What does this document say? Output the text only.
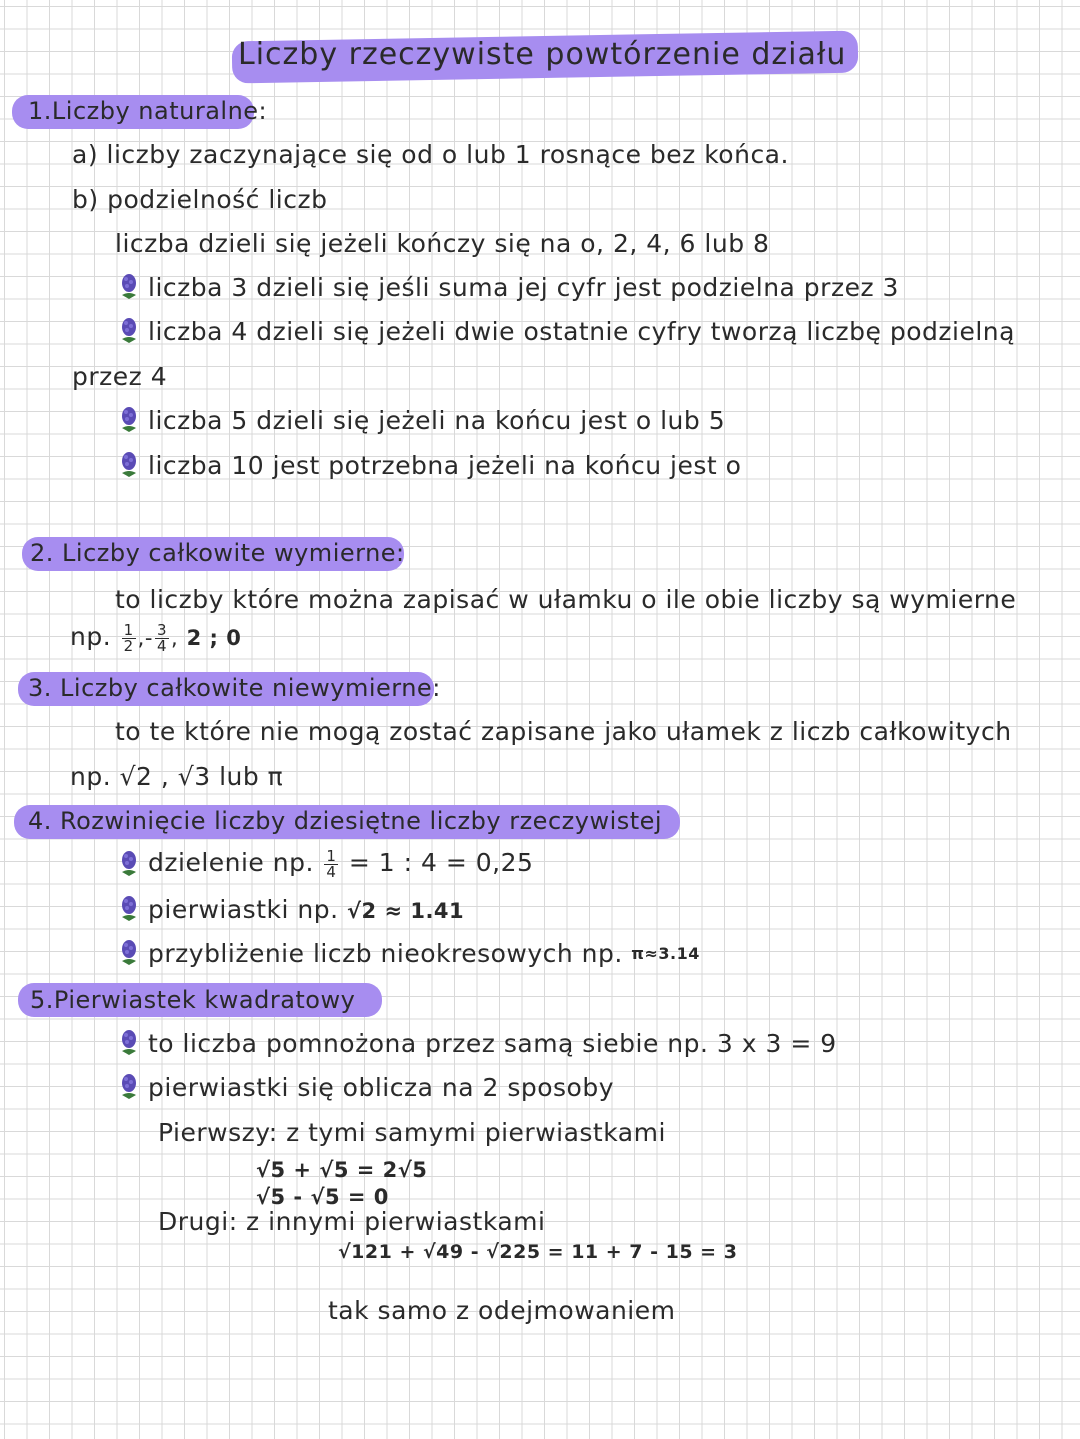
Liczby rzeczywiste powtórzenie działu
1.Liczby naturalne:
a) liczby zaczynające się od o lub 1 rosnące bez końca.
b) podzielność liczb
liczba dzieli się jeżeli kończy się na o, 2, 4, 6 lub 8
liczba 3 dzieli się jeśli suma jej cyfr jest podzielna przez 3
liczba 4 dzieli się jeżeli dwie ostatnie cyfry tworzą liczbę podzielną
przez 4
liczba 5 dzieli się jeżeli na końcu jest o lub 5
liczba 10 jest potrzebna jeżeli na końcu jest o
2. Liczby całkowite wymierne:
to liczby które można zapisać w ułamku o ile obie liczby są wymierne
np. $\frac{1}{2}$ ,- $\frac{3}{4}$ , 2 ; 0
3. Liczby całkowite niewymierne:
to te które nie mogą zostać zapisane jako ułamek z liczb całkowitych
np. √2 , √3 lub π
4. Rozwinięcie liczby dziesiętne liczby rzeczywistej
dzielenie np. $\frac{1}{4} = 1$ : 4 = 0,25
pierwiastki np. √2 ≈ 1.41
przybliżenie liczb nieokresowych np. $^{\pi\approx 3.14}$
5.Pierwiastek kwadratowy
to liczba pomnożona przez samą siebie np. 3 x 3 = 9
pierwiastki się oblicza na 2 sposoby
Pierwszy: z tymi samymi pierwiastkami
√5 + √5 = 2√5
√5 - √5 = 0
Drugi: z innymi pierwiastkami
√121 + √49 - √225 = 11 + 7 - 15 = 3
tak samo z odejmowaniem
